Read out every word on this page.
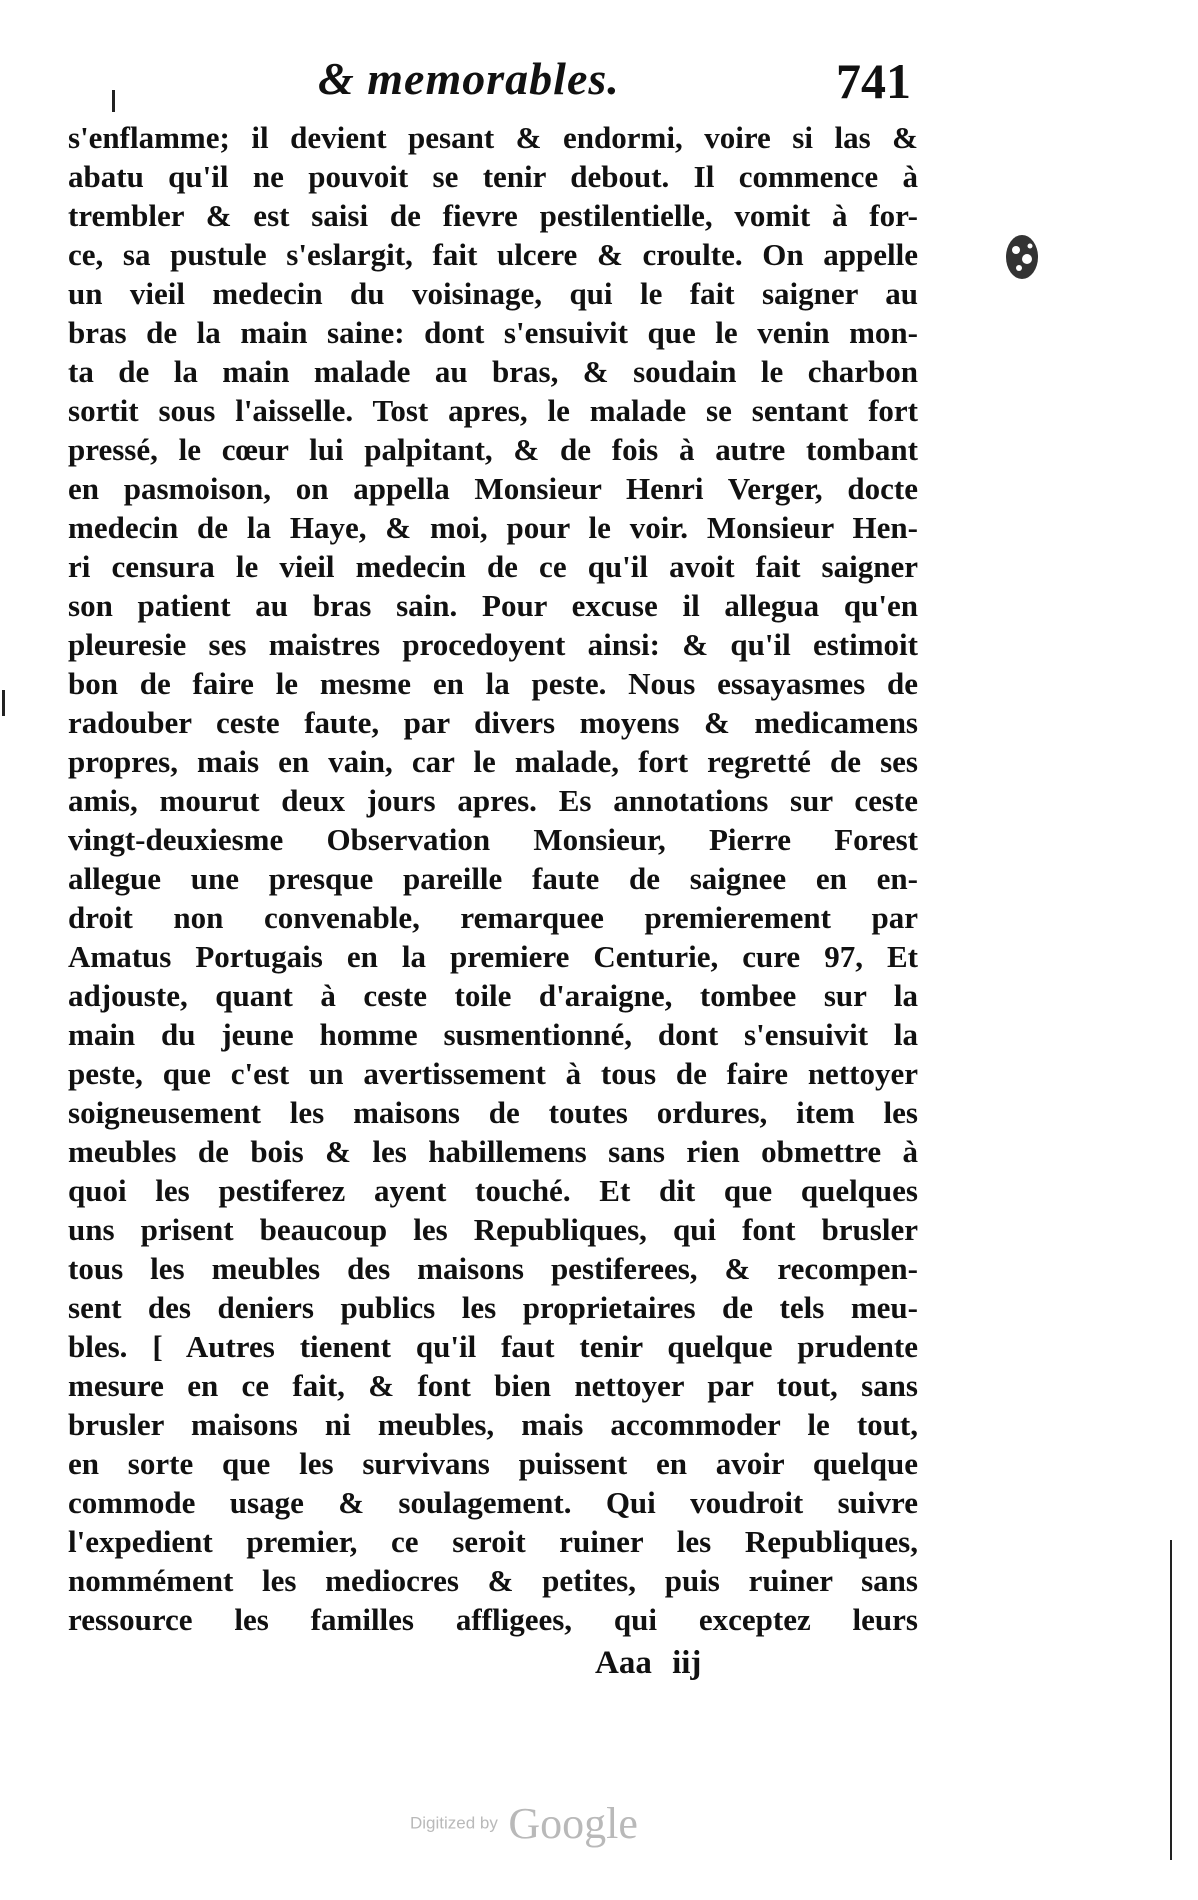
& memorables.	741
s'enflamme; il devient pesant & endormi, voire si las &
abatu qu'il ne pouvoit se tenir debout. Il commence à
trembler & est saisi de fievre pestilentielle, vomit à for-
ce, sa pustule s'eslargit, fait ulcere & croulte. On appelle
un vieil medecin du voisinage, qui le fait saigner au
bras de la main saine: dont s'ensuivit que le venin mon-
ta de la main malade au bras, & soudain le charbon
sortit sous l'aisselle. Tost apres, le malade se sentant fort
pressé, le cœur lui palpitant, & de fois à autre tombant
en pasmoison, on appella Monsieur Henri Verger, docte
medecin de la Haye, & moi, pour le voir. Monsieur Hen-
ri censura le vieil medecin de ce qu'il avoit fait saigner
son patient au bras sain. Pour excuse il allegua qu'en
pleuresie ses maistres procedoyent ainsi: & qu'il estimoit
bon de faire le mesme en la peste. Nous essayasmes de
radouber ceste faute, par divers moyens & medicamens
propres, mais en vain, car le malade, fort regretté de ses
amis, mourut deux jours apres. Es annotations sur ceste
vingt-deuxiesme Observation Monsieur, Pierre Forest
allegue une presque pareille faute de saignee en en-
droit non convenable, remarquee premierement par
Amatus Portugais en la premiere Centurie, cure 97, Et
adjouste, quant à ceste toile d'araigne, tombee sur la
main du jeune homme susmentionné, dont s'ensuivit la
peste, que c'est un avertissement à tous de faire nettoyer
soigneusement les maisons de toutes ordures, item les
meubles de bois & les habillemens sans rien obmettre à
quoi les pestiferez ayent touché. Et dit que quelques
uns prisent beaucoup les Republiques, qui font brusler
tous les meubles des maisons pestiferees, & recompen-
sent des deniers publics les proprietaires de tels meu-
bles. [ Autres tienent qu'il faut tenir quelque prudente
mesure en ce fait, & font bien nettoyer par tout, sans
brusler maisons ni meubles, mais accommoder le tout,
en sorte que les survivans puissent en avoir quelque
commode usage & soulagement. Qui voudroit suivre
l'expedient premier, ce seroit ruiner les Republiques,
nommément les mediocres & petites, puis ruiner sans
ressource les familles affligees, qui exceptez leurs
Aaa iij
Digitized by Google
